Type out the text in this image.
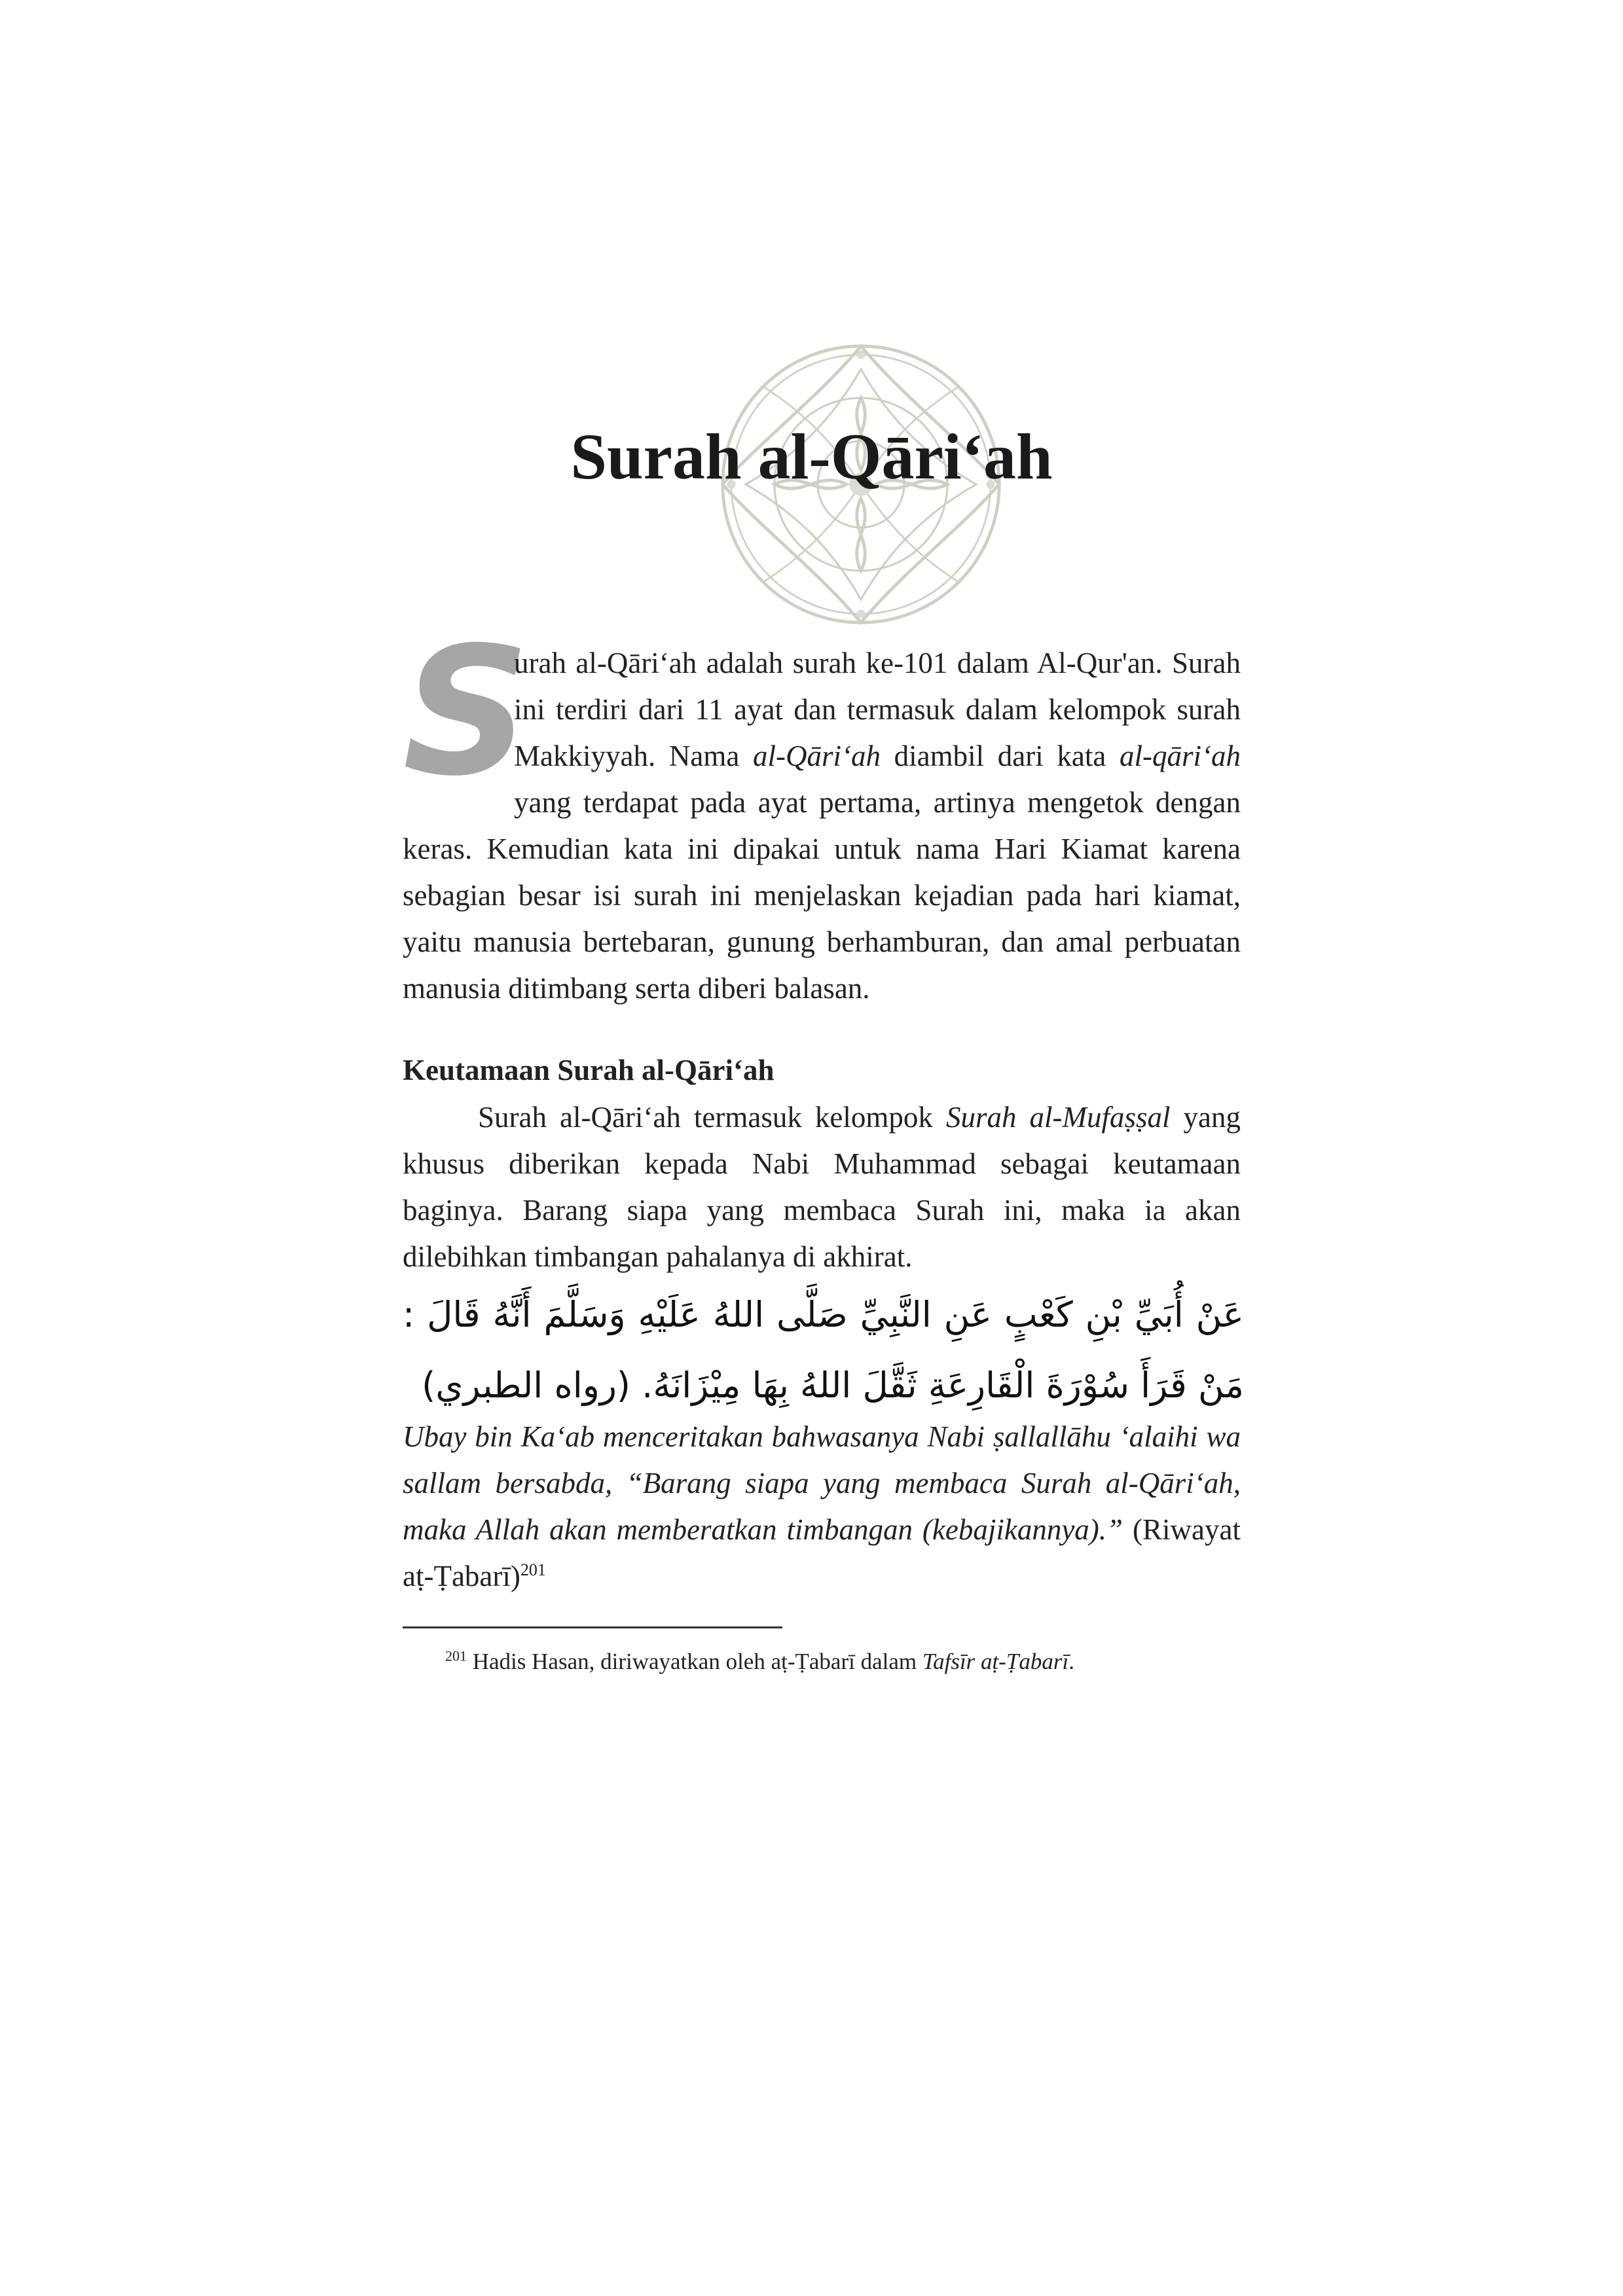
Surah al-Qāri‘ah
S

urah al-Qāri‘ah adalah surah ke-101 dalam Al-Qur'an. Surah ini terdiri dari 11 ayat dan termasuk dalam kelompok surah Makkiyyah. Nama al-Qāri‘ah diambil dari kata al-qāri‘ah yang terdapat pada ayat pertama, artinya mengetok dengan keras. Kemudian kata ini dipakai untuk nama Hari Kiamat karena sebagian besar isi surah ini menjelaskan kejadian pada hari kiamat, yaitu manusia bertebaran, gunung berhamburan, dan amal perbuatan manusia ditimbang serta diberi balasan.

Keutamaan Surah al-Qāri‘ah

Surah al-Qāri‘ah termasuk kelompok Surah al-Mufaṣṣal yang khusus diberikan kepada Nabi Muhammad sebagai keutamaan baginya. Barang siapa yang membaca Surah ini, maka ia akan dilebihkan timbangan pahalanya di akhirat.

عَنْ أُبَيِّ بْنِ كَعْبٍ عَنِ النَّبِيِّ صَلَّى اللهُ عَلَيْهِ وَسَلَّمَ أَنَّهُ قَالَ : مَنْ قَرَأَ سُوْرَةَ الْقَارِعَةِ ثَقَّلَ اللهُ بِهَا مِيْزَانَهُ. (رواه الطبري)

Ubay bin Ka‘ab menceritakan bahwasanya Nabi ṣallallāhu ‘alaihi wa sallam bersabda, “Barang siapa yang membaca Surah al-Qāri‘ah, maka Allah akan memberatkan timbangan (kebajikannya).” (Riwayat aṭ-Ṭabarī)$^{201}$

$^{201}$ Hadis Hasan, diriwayatkan oleh aṭ-Ṭabarī dalam Tafsīr aṭ-Ṭabarī.
